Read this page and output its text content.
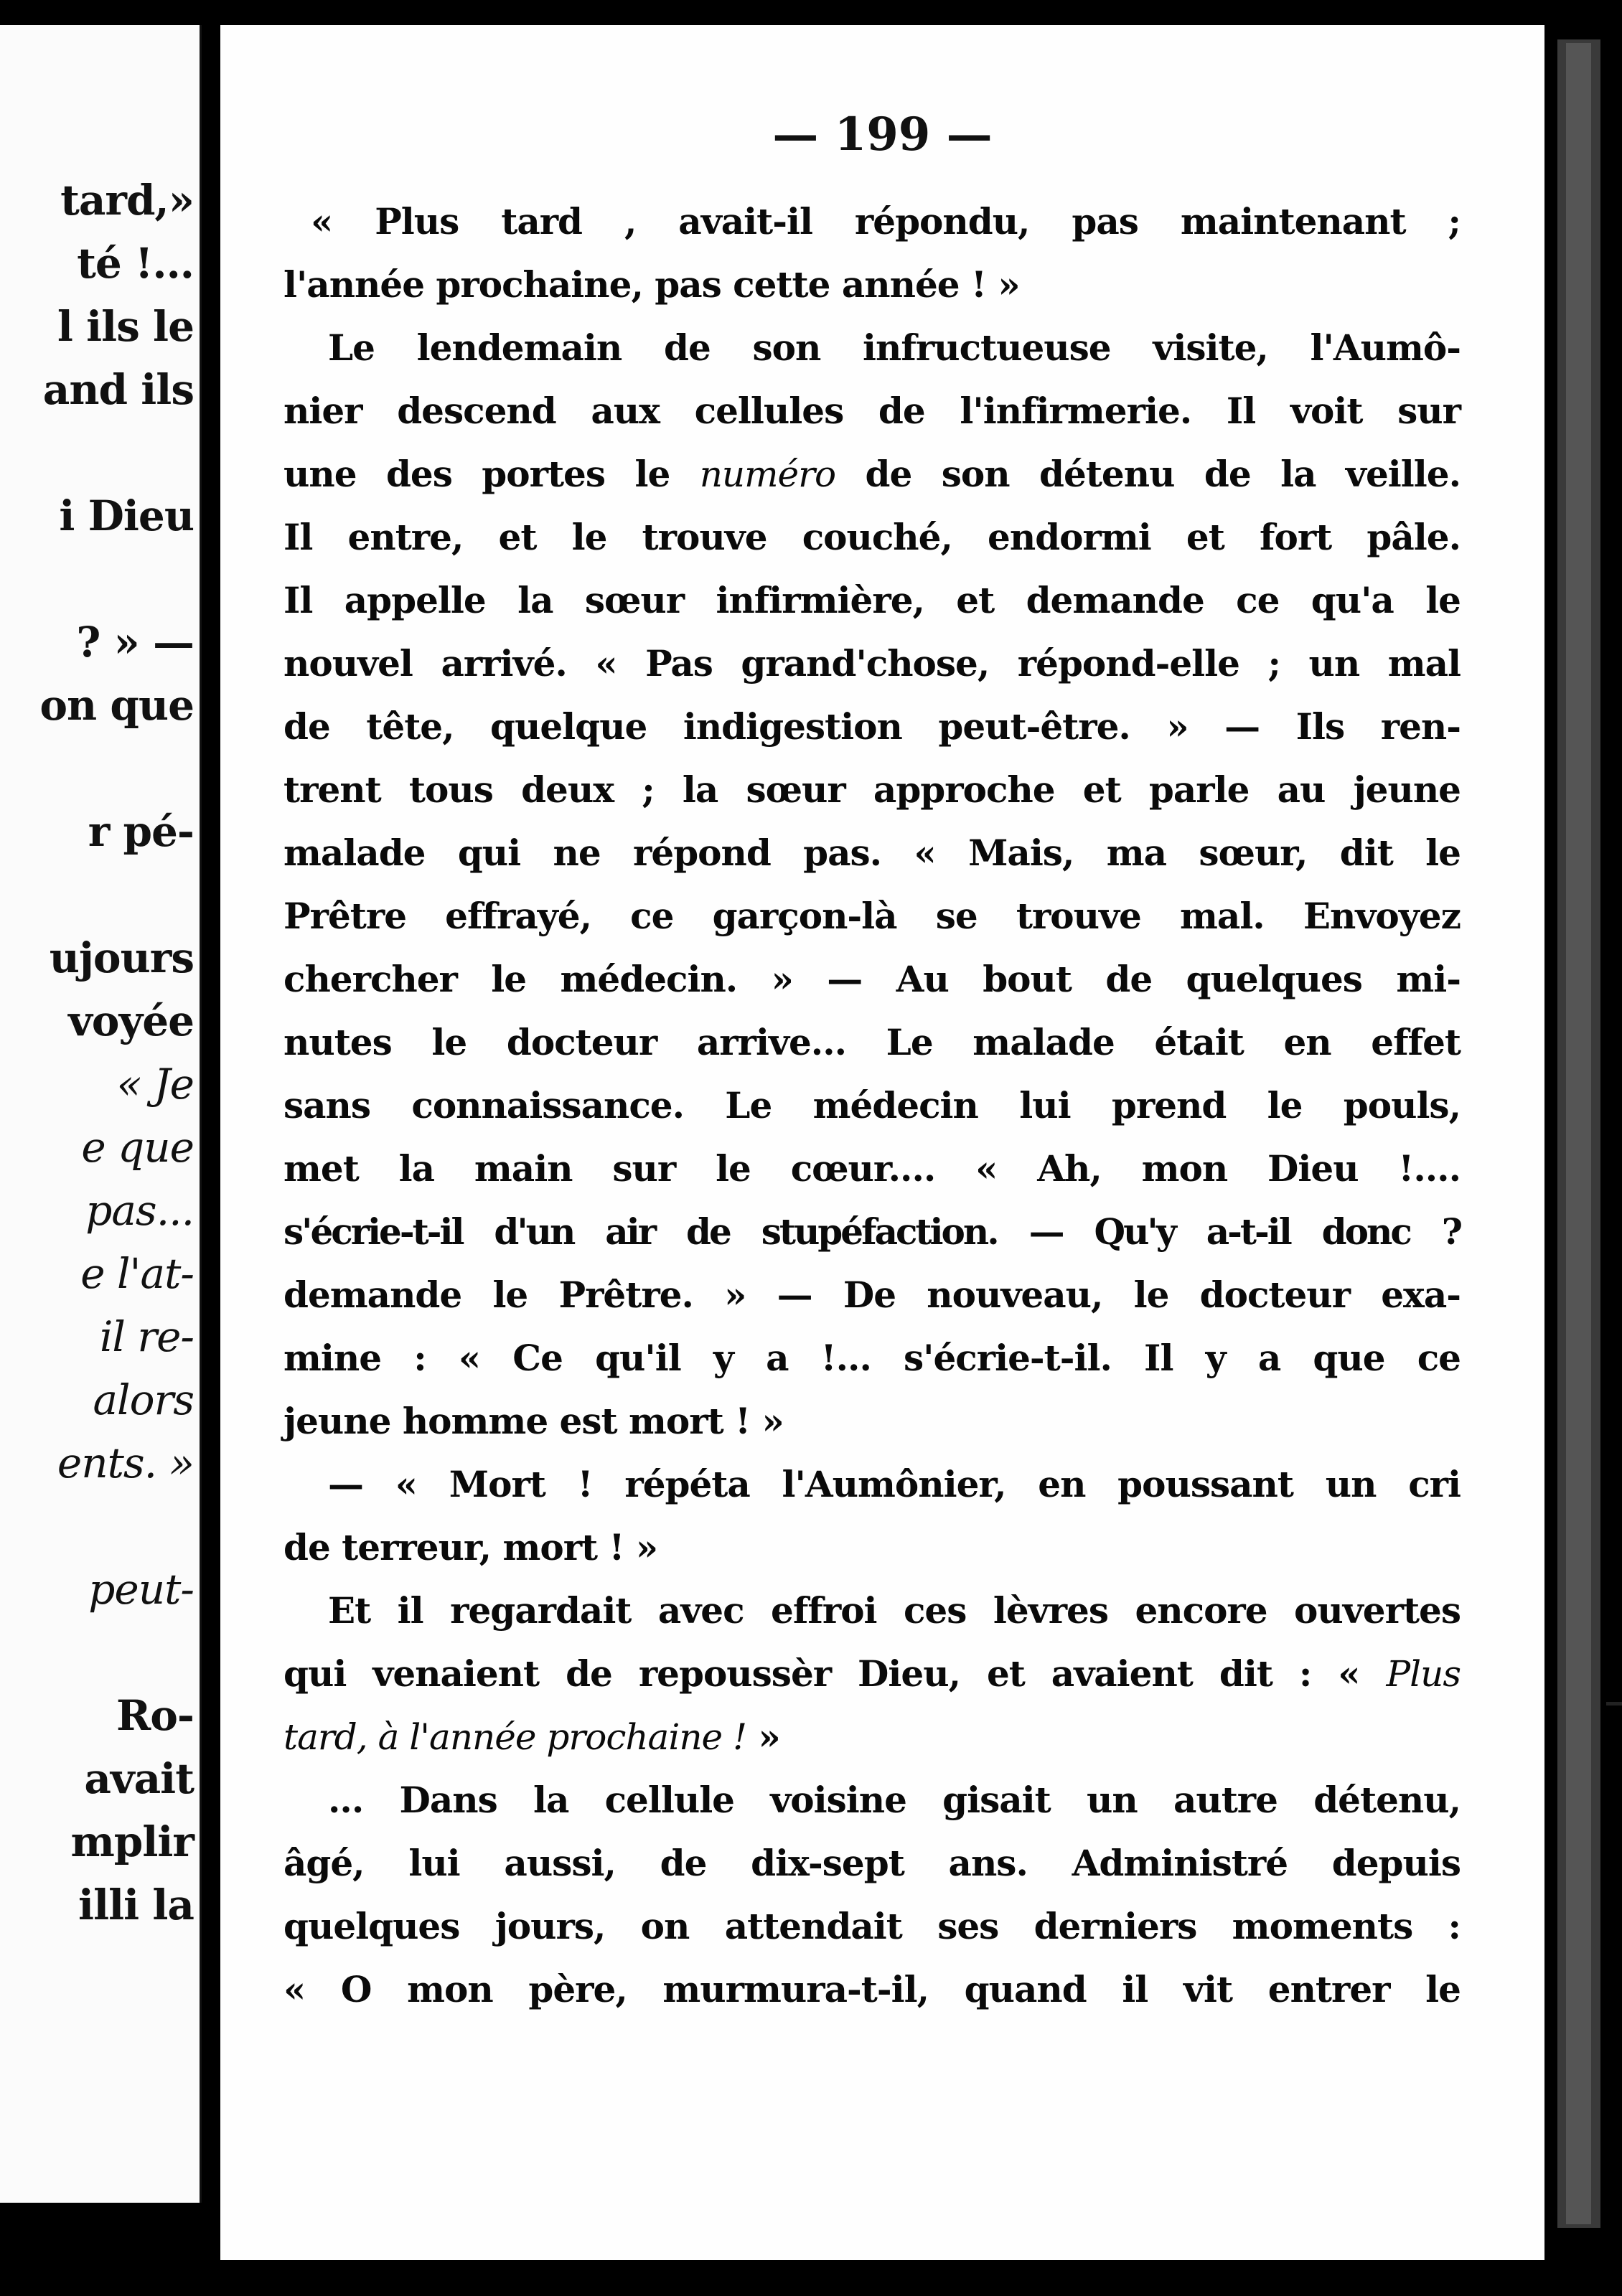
tard,»
té !...
l ils le
and ils
i Dieu
? » —
on que
r pé-
ujours
voyée
« Je
e que
pas...
e l'at-
il re-
alors
ents. »
peut-
Ro-
avait
mplir
illi la
— 199 —
« Plus tard , avait-il répondu, pas maintenant ;
l'année prochaine, pas cette année ! »
Le lendemain de son infructueuse visite, l'Aumô-
nier descend aux cellules de l'infirmerie. Il voit sur
une des portes le numéro de son détenu de la veille.
Il entre, et le trouve couché, endormi et fort pâle.
Il appelle la sœur infirmière, et demande ce qu'a le
nouvel arrivé. « Pas grand'chose, répond-elle ; un mal
de tête, quelque indigestion peut-être. » — Ils ren-
trent tous deux ; la sœur approche et parle au jeune
malade qui ne répond pas. « Mais, ma sœur, dit le
Prêtre effrayé, ce garçon-là se trouve mal. Envoyez
chercher le médecin. » — Au bout de quelques mi-
nutes le docteur arrive... Le malade était en effet
sans connaissance. Le médecin lui prend le pouls,
met la main sur le cœur.... « Ah, mon Dieu !....
s'écrie-t-il d'un air de stupéfaction. — Qu'y a-t-il donc ?
demande le Prêtre. » — De nouveau, le docteur exa-
mine : « Ce qu'il y a !... s'écrie-t-il. Il y a que ce
jeune homme est mort ! »
— « Mort ! répéta l'Aumônier, en poussant un cri
de terreur, mort ! »
Et il regardait avec effroi ces lèvres encore ouvertes
qui venaient de repoussèr Dieu, et avaient dit : « Plus
tard, à l'année prochaine ! »
... Dans la cellule voisine gisait un autre détenu,
âgé, lui aussi, de dix-sept ans. Administré depuis
quelques jours, on attendait ses derniers moments :
« O mon père, murmura-t-il, quand il vit entrer le
